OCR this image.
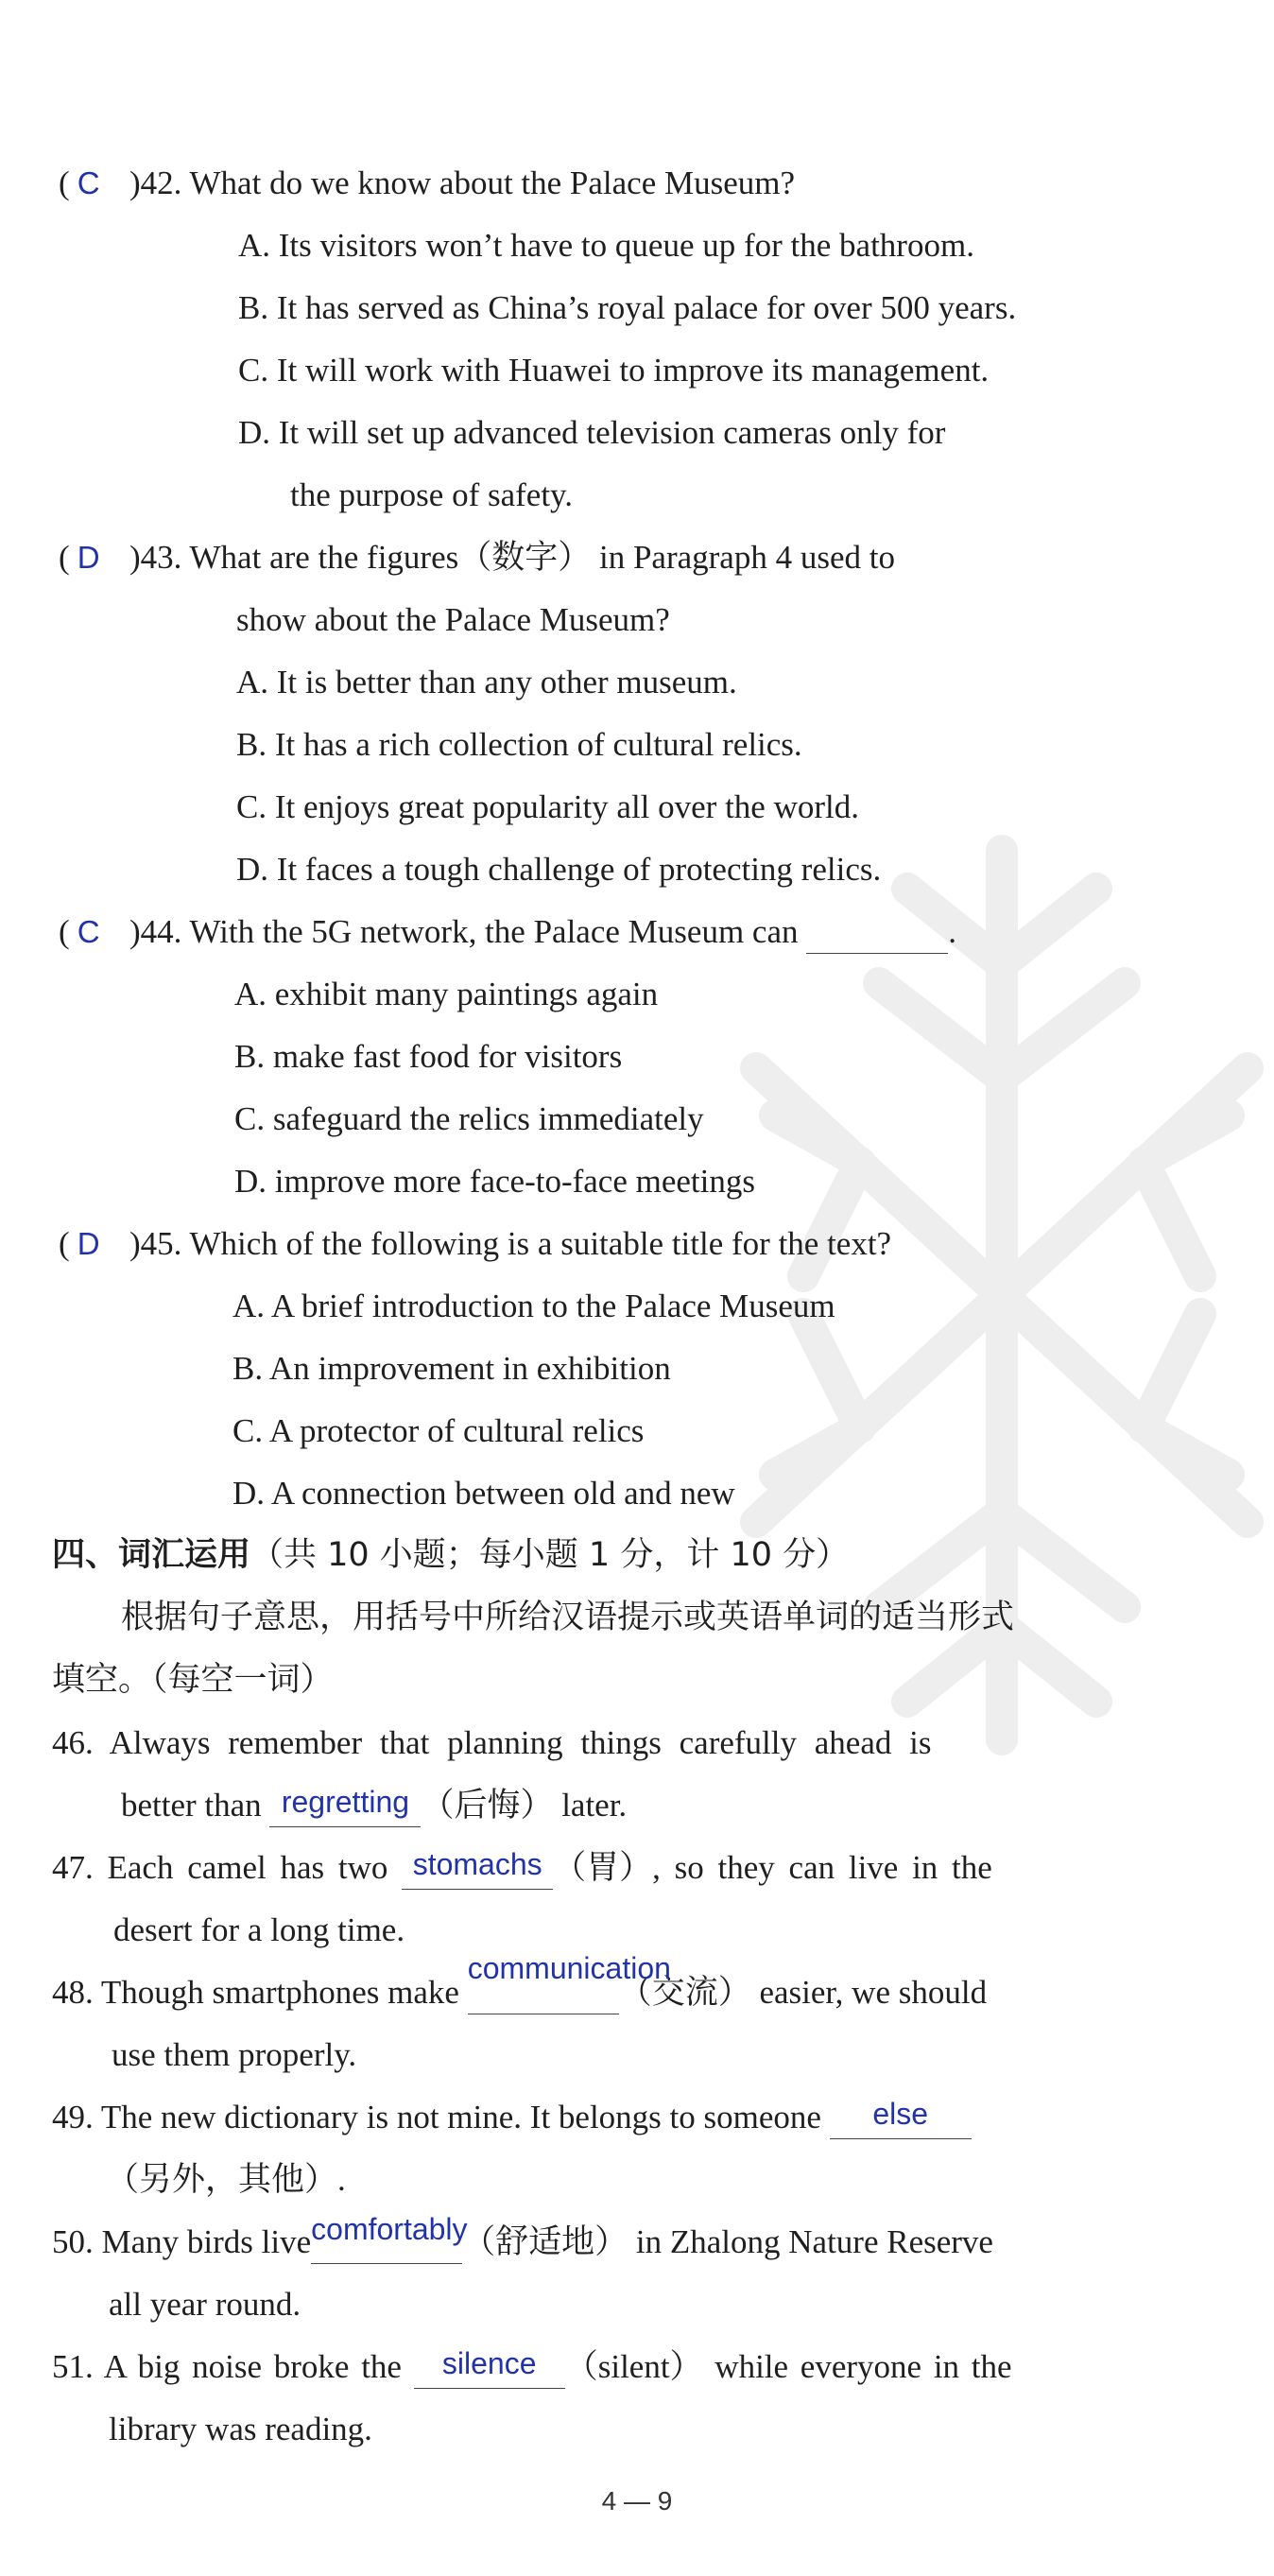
( C )42. What do we know about the Palace Museum?
A. Its visitors won’t have to queue up for the bathroom.
B. It has served as China’s royal palace for over 500 years.
C. It will work with Huawei to improve its management.
D. It will set up advanced television cameras only for
the purpose of safety.
( D )43. What are the figures（数字） in Paragraph 4 used to
show about the Palace Museum?
A. It is better than any other museum.
B. It has a rich collection of cultural relics.
C. It enjoys great popularity all over the world.
D. It faces a tough challenge of protecting relics.
( C )44. With the 5G network, the Palace Museum can	.
A. exhibit many paintings again
B. make fast food for visitors
C. safeguard the relics immediately
D. improve more face-to-face meetings
( D )45. Which of the following is a suitable title for the text?
A. A brief introduction to the Palace Museum
B. An improvement in exhibition
C. A protector of cultural relics
D. A connection between old and new
四、词汇运用（共 10 小题；每小题 1 分，计 10 分）
根据句子意思，用括号中所给汉语提示或英语单词的适当形式
填空。（每空一词）
46. Always remember that planning things carefully ahead is
better than regretting （后悔） later.
47. Each camel has two stomachs （胃）, so they can live in the
desert for a long time.
48. Though smartphones make
communication
（交流） easier, we should
use them properly.
49. The new dictionary is not mine. It belongs to someone	else
（另外，其他）.
50. Many birds live comfortably
（舒适地） in Zhalong Nature Reserve
all year round.
51. A big noise broke the silence （silent） while everyone in the
library was reading.
4 — 9
